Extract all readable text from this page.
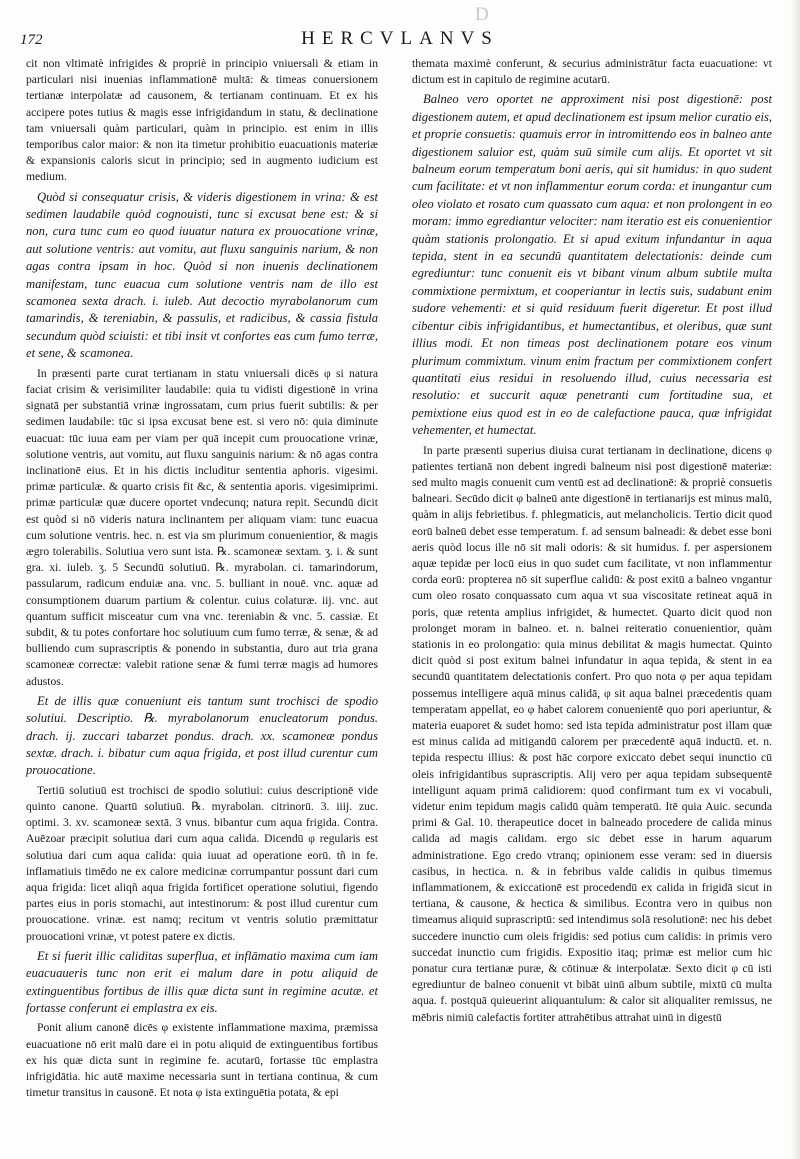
D
172	HERCVLANVS

cit non vltimatè infrigides & propriè in principio vniuersali & etiam in particulari nisi inuenias inflammationē multā: & timeas conuersionem tertianæ interpolatæ ad causonem, & tertianam continuam. Et ex his accipere potes tutius & magis esse infrigidandum in statu, & declinatione tam vniuersali quàm particulari, quàm in principio. est enim in illis temporibus calor maior: & non ita timetur prohibitio euacuationis materiæ & expansionis caloris sicut in principio; sed in augmento iudicium est medium.

Quòd si consequatur crisis, & videris digestionem in vrina: & est sedimen laudabile quòd cognouisti, tunc si excusat bene est: & si non, cura tunc cum eo quod iuuatur natura ex prouocatione vrinæ, aut solutione ventris: aut vomitu, aut fluxu sanguinis narium, & non agas contra ipsam in hoc. Quòd si non inuenis declinationem manifestam, tunc euacua cum solutione ventris nam de illo est scamonea sexta drach. i. iuleb. Aut decoctio myrabolanorum cum tamarindis, & tereniabin, & passulis, et radicibus, & cassia fistula secundum quòd sciuisti: et tibi insit vt confortes eas cum fumo terræ, et sene, & scamonea.

In præsenti parte curat tertianam in statu vniuersali dicēs φ si natura faciat crisim & verisimiliter laudabile: quia tu vidisti digestionē in vrina signatā per substantiā vrinæ ingrossatam, cum prius fuerit subtilis: & per sedimen laudabile: tūc si ipsa excusat bene est. si vero nō: quia diminute euacuat: tūc iuua eam per viam per quā incepit cum prouocatione vrinæ, solutione ventris, aut vomitu, aut fluxu sanguinis narium: & nō agas contra inclinationē eius. Et in his dictis includitur sententia aphoris. vigesimi. primæ particulæ. & quarto crisis fit &c, & sententia aporis. vigesimiprimi. primæ particulæ quæ ducere oportet vndecunq; natura repit. Secundū dicit est quòd si nō videris natura inclinantem per aliquam viam: tunc euacua cum solutione ventris. hec. n. est via sm plurimum conuenientior, & magis ægro tolerabilis. Solutiua vero sunt ista. ℞. scamoneæ sextam. ʒ. i. & sunt gra. xi. iuleb. ʒ. 5 Secundū solutiuū. ℞. myrabolan. ci. tamarindorum, passularum, radicum enduiæ ana. vnc. 5. bulliant in nouē. vnc. aquæ ad consumptionem duarum partium & colentur. cuius colaturæ. iij. vnc. aut quantum sufficit misceatur cum vna vnc. tereniabin & vnc. 5. cassiæ. Et subdit, & tu potes confortare hoc solutiuum cum fumo terræ, & senæ, & ad bulliendo cum suprascriptis & ponendo in substantia, duro aut tria grana scamoneæ correctæ: valebit ratione senæ & fumi terræ magis ad humores adustos.

Et de illis quæ conueniunt eis tantum sunt trochisci de spodio solutiui. Descriptio. ℞. myrabolanorum enucleatorum pondus. drach. ij. zuccari tabarzet pondus. drach. xx. scamoneæ pondus sextæ. drach. i. bibatur cum aqua frigida, et post illud curentur cum prouocatione.

Tertiū solutiuū est trochisci de spodio solutiui: cuius descriptionē vide quinto canone. Quartū solutiuū. ℞. myrabolan. citrinorū. 3. iiij. zuc. optimi. 3. xv. scamoneæ sextā. 3 vnus. bibantur cum aqua frigida. Contra. Auēzoar præcipit solutiua dari cum aqua calida. Dicendū φ regularis est solutiua dari cum aqua calida: quia iuuat ad operatione eorū. tñ in fe. inflamatiuis timēdo ne ex calore medicinæ corrumpantur possunt dari cum aqua frigida: licet aliqñ aqua frigida fortificet operatione solutiui, figendo partes eius in poris stomachi, aut intestinorum: & post illud curentur cum prouocatione. vrinæ. est namq; recitum vt ventris solutio præmittatur prouocationi vrinæ, vt potest patere ex dictis.

Et si fuerit illic caliditas superflua, et inflāmatio maxima cum iam euacuaueris tunc non erit ei malum dare in potu aliquid de extinguentibus fortibus de illis quæ dicta sunt in regimine acutæ. et fortasse conferunt ei emplastra ex eis.

Ponit alium canonē dicēs φ existente inflammatione maxima, præmissa euacuatione nō erit malū dare ei in potu aliquid de extinguentibus fortibus ex his quæ dicta sunt in regimine fe. acutarū, fortasse tūc emplastra infrigidātia. hic autē maxime necessaria sunt in tertiana continua, & cum timetur transitus in causonē. Et nota φ ista extinguētia potata, & epi

themata maximè conferunt, & securius administrātur facta euacuatione: vt dictum est in capitulo de regimine acutarū.

Balneo vero oportet ne approximent nisi post digestionē: post digestionem autem, et apud declinationem est ipsum melior curatio eis, et proprie consuetis: quamuis error in intromittendo eos in balneo ante digestionem saluior est, quàm suū simile cum alijs. Et oportet vt sit balneum eorum temperatum boni aeris, qui sit humidus: in quo sudent cum facilitate: et vt non inflammentur eorum corda: et inungantur cum oleo violato et rosato cum quassato cum aqua: et non prolongent in eo moram: immo egrediantur velociter: nam iteratio est eis conuenientior quàm stationis prolongatio. Et si apud exitum infundantur in aqua tepida, stent in ea secundū quantitatem delectationis: deinde cum egrediuntur: tunc conuenit eis vt bibant vinum album subtile multa commixtione permixtum, et cooperiantur in lectis suis, sudabunt enim sudore vehementi: et si quid residuum fuerit digeretur. Et post illud cibentur cibis infrigidantibus, et humectantibus, et oleribus, quæ sunt illius modi. Et non timeas post declinationem potare eos vinum plurimum commixtum. vinum enim fractum per commixtionem confert quantitati eius residui in resoluendo illud, cuius necessaria est resolutio: et succurit aquæ penetranti cum fortitudine sua, et pemixtione eius quod est in eo de calefactione pauca, quæ infrigidat vehementer, et humectat.

In parte præsenti superius diuisa curat tertianam in declinatione, dicens φ patientes tertianā non debent ingredi balneum nisi post digestionē materiæ: sed multo magis conuenit cum ventū est ad declinationē: & propriè consuetis balneari. Secūdo dicit φ balneū ante digestionē in tertianarijs est minus malū, quàm in alijs febrietibus. f. phlegmaticis, aut melancholicis. Tertio dicit quod eorū balneū debet esse temperatum. f. ad sensum balneadi: & debet esse boni aeris quòd locus ille nō sit mali odoris: & sit humidus. f. per aspersionem aquæ tepidæ per locū eius in quo sudet cum facilitate, vt non inflammentur corda eorū: propterea nō sit superflue calidū: & post exitū a balneo vngantur cum oleo rosato conquassato cum aqua vt sua viscositate retineat aquā in poris, quæ retenta amplius infrigidet, & humectet. Quarto dicit quod non prolonget moram in balneo. et. n. balnei reiteratio conuenientior, quàm stationis in eo prolongatio: quia minus debilitat & magis humectat. Quinto dicit quòd si post exitum balnei infundatur in aqua tepida, & stent in ea secundū quantitatem delectationis confert. Pro quo nota φ per aqua tepidam possemus intelligere aquā minus calidā, φ sit aqua balnei præcedentis quam temperatam appellat, eo φ habet calorem conuenientē quo pori aperiuntur, & materia euaporet & sudet homo: sed ista tepida administratur post illam quæ est minus calida ad mitigandū calorem per præcedentē aquā inductū. et. n. tepida respectu illius: & post hāc corpore exiccato debet sequi inunctio cū oleis infrigidantibus suprascriptis. Alij vero per aqua tepidam subsequentē intelligunt aquam primā calidiorem: quod confirmant tum ex vi vocabuli, videtur enim tepidum magis calidū quàm temperatū. Itē quia Auic. secunda primi & Gal. 10. therapeutice docet in balneado procedere de calida minus calida ad magis calidam. ergo sic debet esse in harum aquarum administratione. Ego credo vtranq; opinionem esse veram: sed in diuersis casibus, in hectica. n. & in febribus valde calidis in quibus timemus inflammationem, & exiccationē est procedendū ex calida in frigidā sicut in tertiana, & causone, & hectica & similibus. Econtra vero in quibus non timeamus aliquid suprascriptū: sed intendimus solā resolutionē: nec his debet succedere inunctio cum oleis frigidis: sed potius cum calidis: in primis vero succedat inunctio cum frigidis. Expositio itaq; primæ est melior cum hic ponatur cura tertianæ puræ, & cōtinuæ & interpolatæ. Sexto dicit φ cū isti egrediuntur de balneo conuenit vt bibāt uinū album subtile, mixtū cū multa aqua. f. postquā quieuerint aliquantulum: & calor sit aliqualiter remissus, ne mēbris nimiū calefactis fortiter attrahētibus attrahat uinū in digestū
